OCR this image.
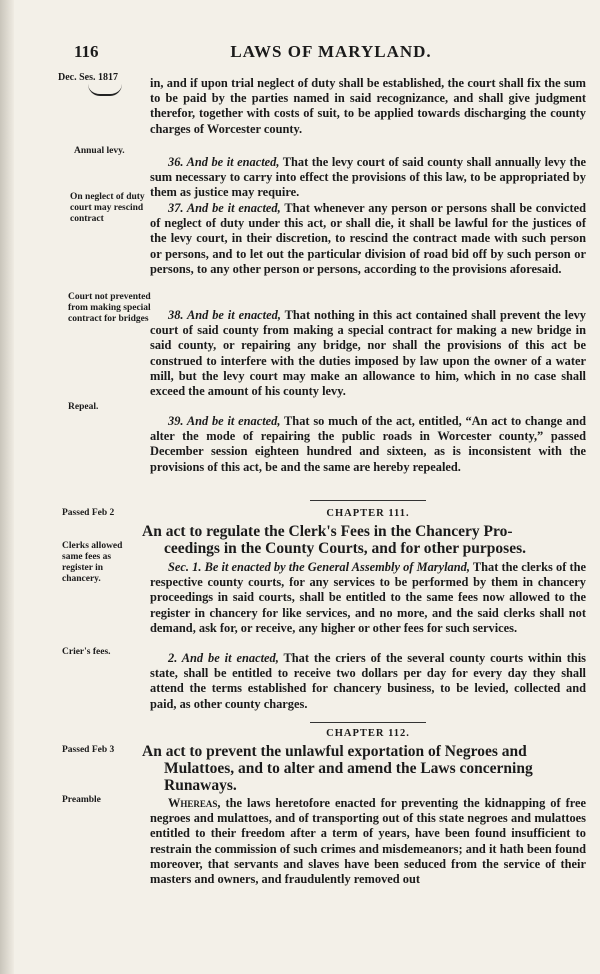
116	LAWS OF MARYLAND.
Dec. Ses. 1817
Annual levy.
On neglect of duty court may rescind contract
Court not prevented from making special contract for bridges
Repeal.
Passed Feb 2
Clerks allowed same fees as register in chancery.
Crier's fees.
Passed Feb 3
Preamble

in, and if upon trial neglect of duty shall be established, the court shall fix the sum to be paid by the parties named in said recognizance, and shall give judgment therefor, together with costs of suit, to be applied towards discharging the county charges of Worcester county.

36. And be it enacted, That the levy court of said county shall annually levy the sum necessary to carry into effect the provisions of this law, to be appropriated by them as justice may require.

37. And be it enacted, That whenever any person or persons shall be convicted of neglect of duty under this act, or shall die, it shall be lawful for the justices of the levy court, in their discretion, to rescind the contract made with such person or persons, and to let out the particular division of road bid off by such person or persons, to any other person or persons, according to the provisions aforesaid.

38. And be it enacted, That nothing in this act contained shall prevent the levy court of said county from making a special contract for making a new bridge in said county, or repairing any bridge, nor shall the provisions of this act be construed to interfere with the duties imposed by law upon the owner of a water mill, but the levy court may make an allowance to him, which in no case shall exceed the amount of his county levy.

39. And be it enacted, That so much of the act, entitled, “An act to change and alter the mode of repairing the public roads in Worcester county,” passed December session eighteen hundred and sixteen, as is inconsistent with the provisions of this act, be and the same are hereby repealed.

CHAPTER 111.
An act to regulate the Clerk's Fees in the Chancery Pro-
ceedings in the County Courts, and for other purposes.

Sec. 1. Be it enacted by the General Assembly of Maryland, That the clerks of the respective county courts, for any services to be performed by them in chancery proceedings in said courts, shall be entitled to the same fees now allowed to the register in chancery for like services, and no more, and the said clerks shall not demand, ask for, or receive, any higher or other fees for such services.

2. And be it enacted, That the criers of the several county courts within this state, shall be entitled to receive two dollars per day for every day they shall attend the terms established for chancery business, to be levied, collected and paid, as other county charges.

CHAPTER 112.
An act to prevent the unlawful exportation of Negroes and
Mulattoes, and to alter and amend the Laws concerning
Runaways.

Whereas, the laws heretofore enacted for preventing the kidnapping of free negroes and mulattoes, and of transporting out of this state negroes and mulattoes entitled to their freedom after a term of years, have been found insufficient to restrain the commission of such crimes and misdemeanors; and it hath been found moreover, that servants and slaves have been seduced from the service of their masters and owners, and fraudulently removed out
